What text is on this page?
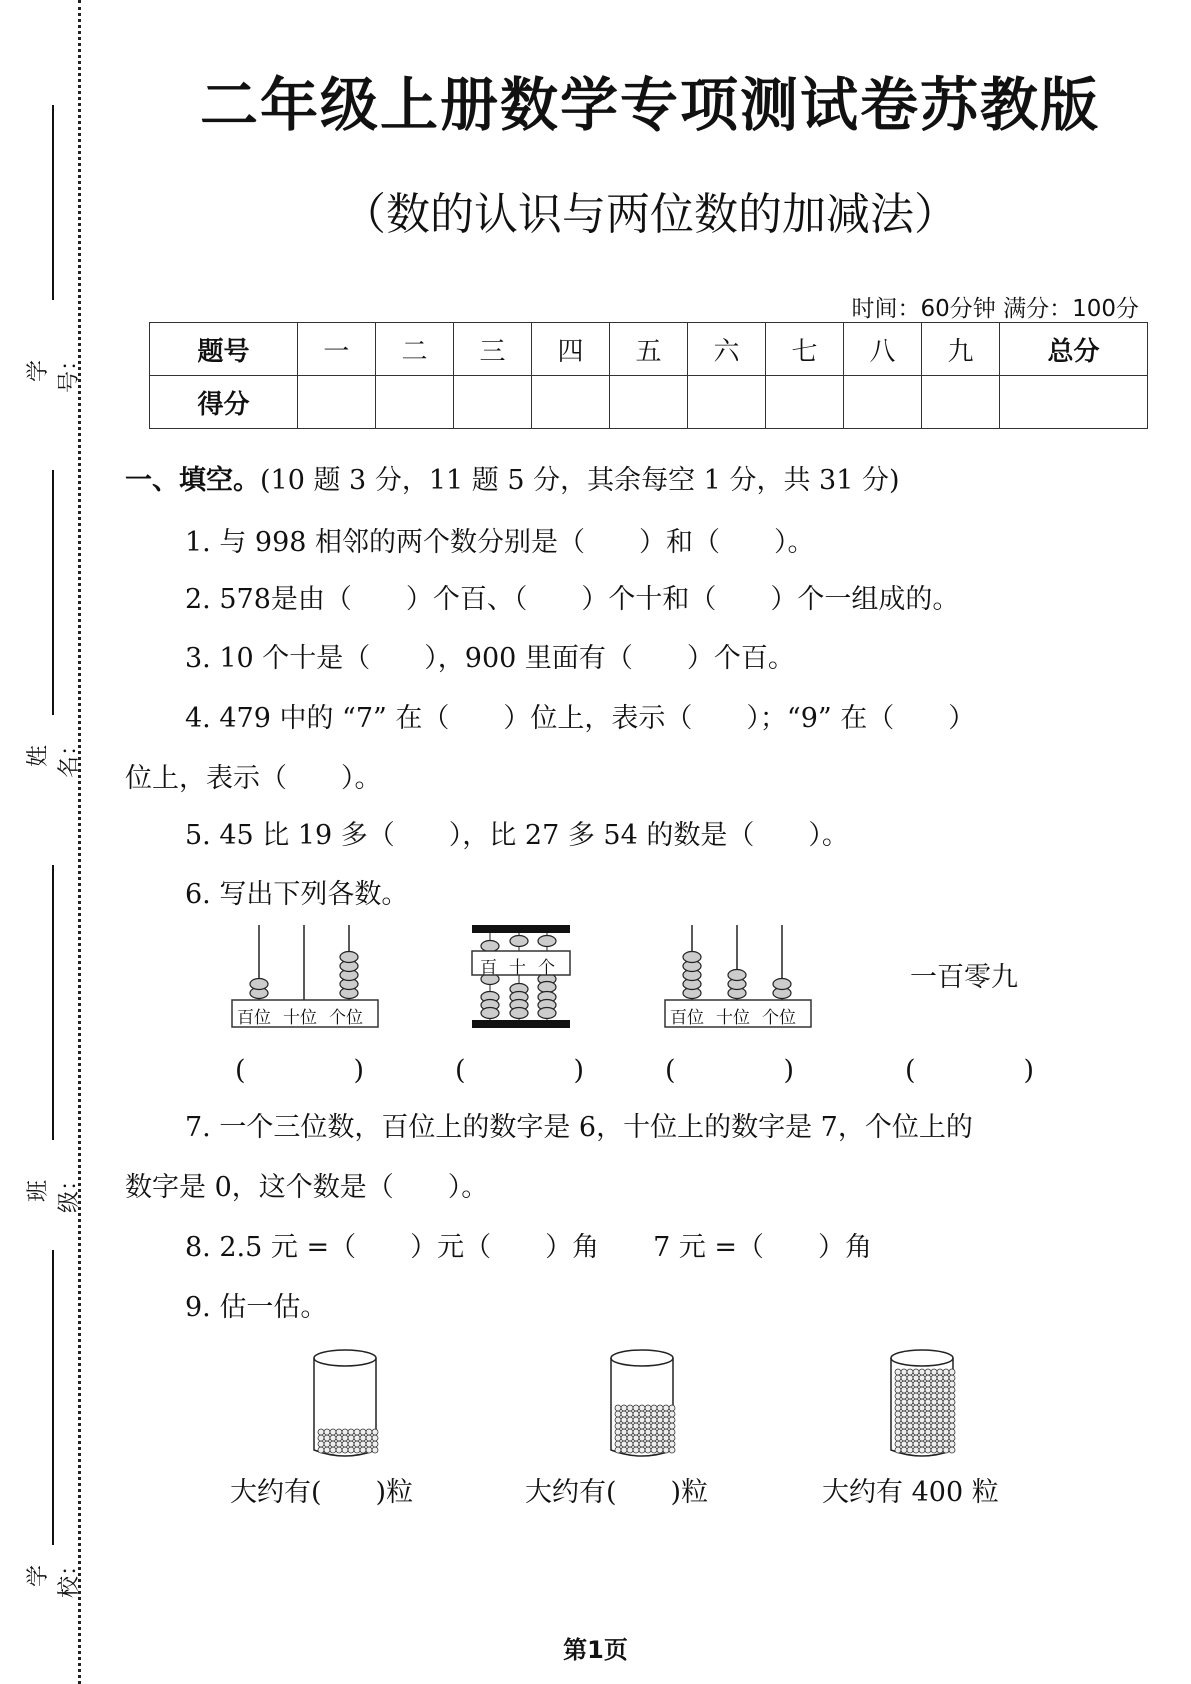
学号：
姓名：
班级：
学校：
二年级上册数学专项测试卷苏教版
（数的认识与两位数的加减法）
时间：60分钟 满分：100分
题号	一	二	三	四	五	六	七	八	九	总分
得分										
一、填空。(10 题 3 分，11 题 5 分，其余每空 1 分，共 31 分)
1. 与 998 相邻的两个数分别是（　　）和（　　）。
2. 578是由（　　）个百、（　　）个十和（　　）个一组成的。
3. 10 个十是（　　），900 里面有（　　）个百。
4. 479 中的 “7” 在（　　）位上，表示（　　）；“9” 在（　　）
位上，表示（　　）。
5. 45 比 19 多（　　），比 27 多 54 的数是（　　）。
6. 写出下列各数。
7. 一个三位数，百位上的数字是 6，十位上的数字是 7，个位上的
数字是 0，这个数是（　　）。
8. 2.5 元 =（　　）元（　　）角　　7 元 =（　　）角
9. 估一估。
百位 十位 个位	百位 十位 个位
百 十 个	一百零九
(　　　　)	(　　　　)	(　　　　)	(　　　　)
大约有(　　)粒	大约有(　　)粒	大约有 400 粒
第1页
